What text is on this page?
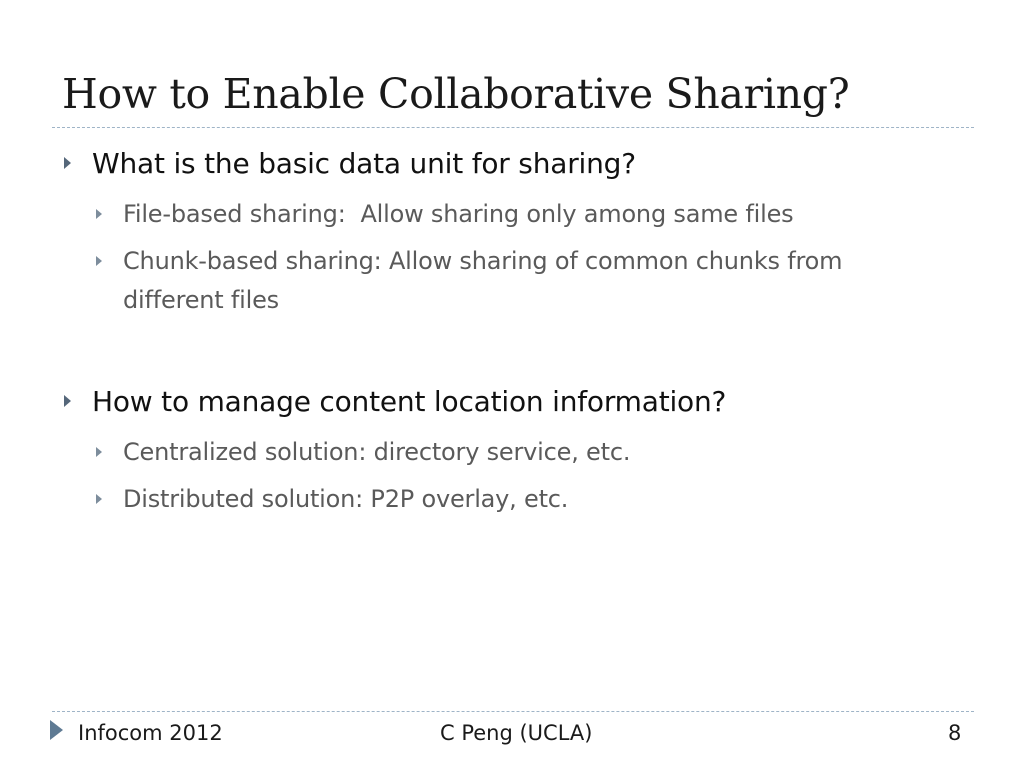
How to Enable Collaborative Sharing?
What is the basic data unit for sharing?
File-based sharing:  Allow sharing only among same files
Chunk-based sharing: Allow sharing of common chunks from
different files
How to manage content location information?
Centralized solution: directory service, etc.
Distributed solution: P2P overlay, etc.
Infocom 2012	C Peng (UCLA)	8
